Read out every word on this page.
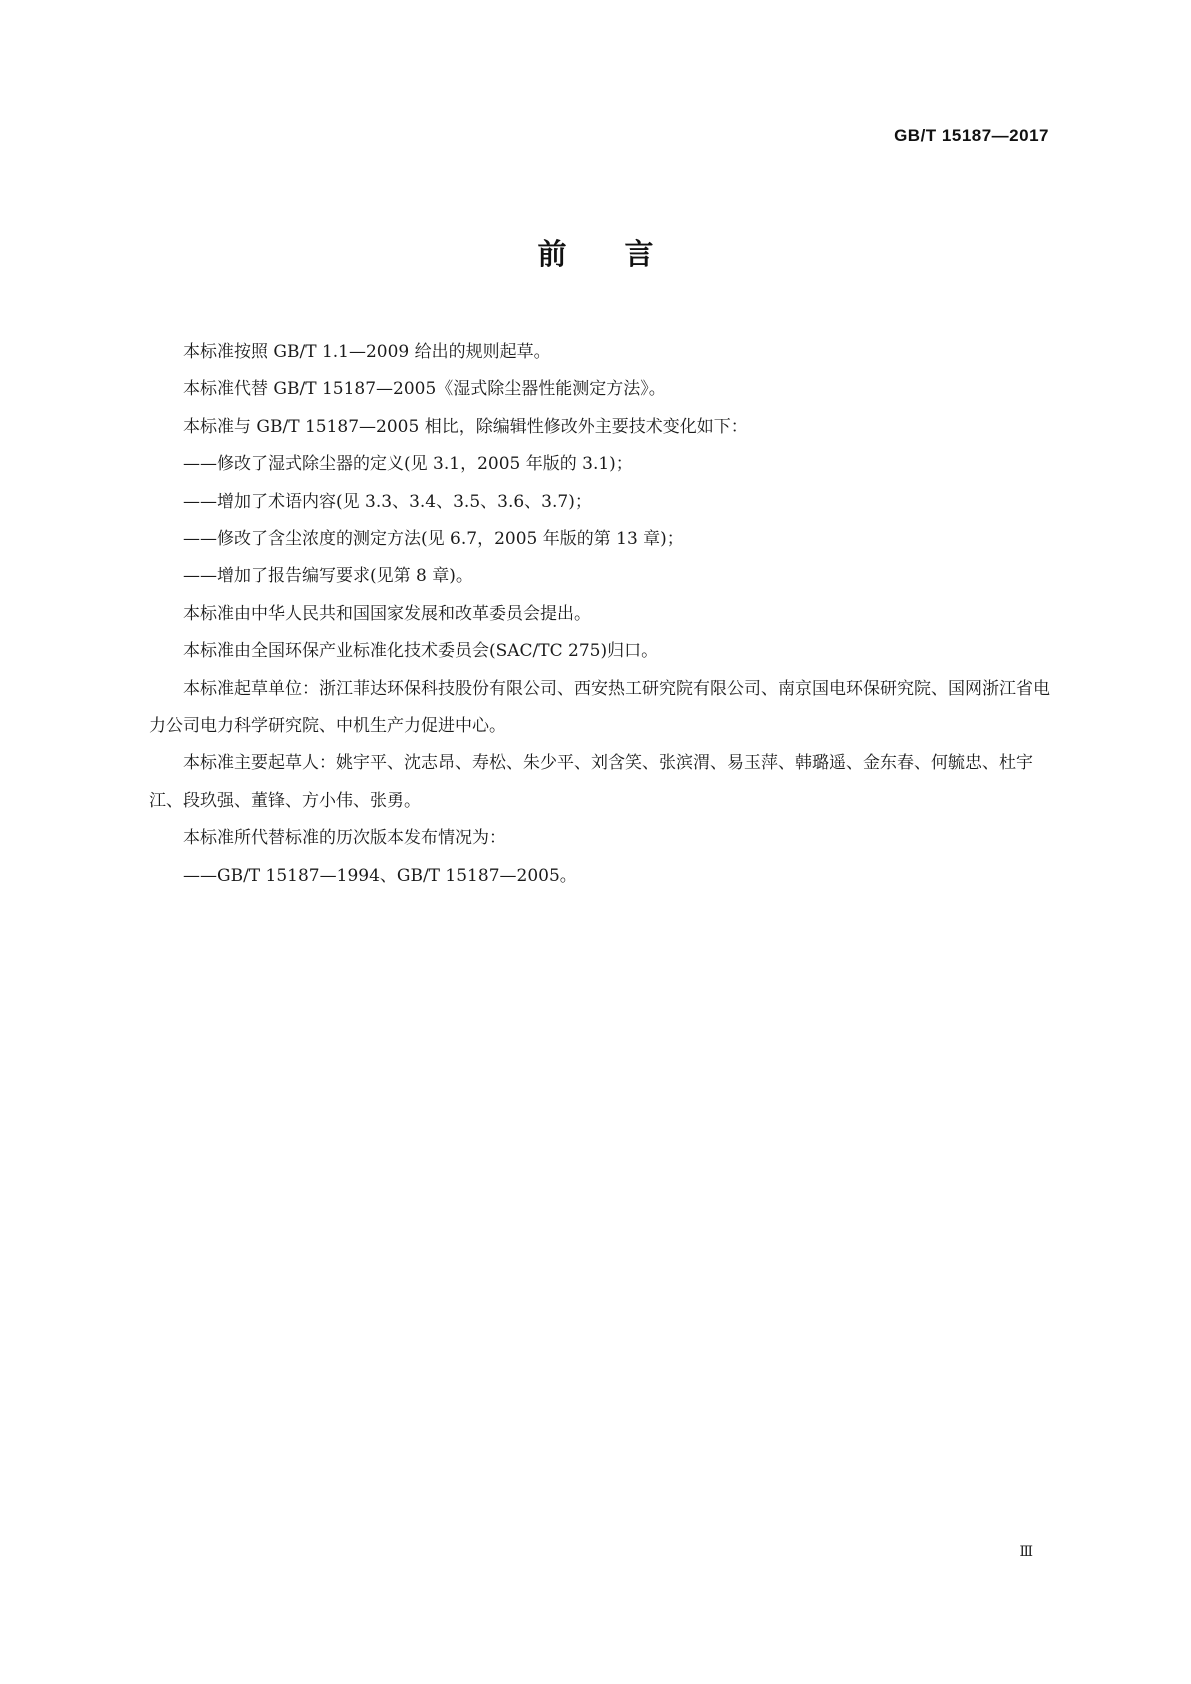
GB/T 15187—2017
前言

本标准按照 GB/T 1.1—2009 给出的规则起草。

本标准代替 GB/T 15187—2005《湿式除尘器性能测定方法》。

本标准与 GB/T 15187—2005 相比，除编辑性修改外主要技术变化如下：

——修改了湿式除尘器的定义(见 3.1，2005 年版的 3.1)；

——增加了术语内容(见 3.3、3.4、3.5、3.6、3.7)；

——修改了含尘浓度的测定方法(见 6.7，2005 年版的第 13 章)；

——增加了报告编写要求(见第 8 章)。

本标准由中华人民共和国国家发展和改革委员会提出。

本标准由全国环保产业标准化技术委员会(SAC/TC 275)归口。

本标准起草单位：浙江菲达环保科技股份有限公司、西安热工研究院有限公司、南京国电环保研究院、国网浙江省电力公司电力科学研究院、中机生产力促进中心。

本标准主要起草人：姚宇平、沈志昂、寿松、朱少平、刘含笑、张滨渭、易玉萍、韩璐遥、金东春、何毓忠、杜宇江、段玖强、董锋、方小伟、张勇。

本标准所代替标准的历次版本发布情况为：

——GB/T 15187—1994、GB/T 15187—2005。

Ⅲ
